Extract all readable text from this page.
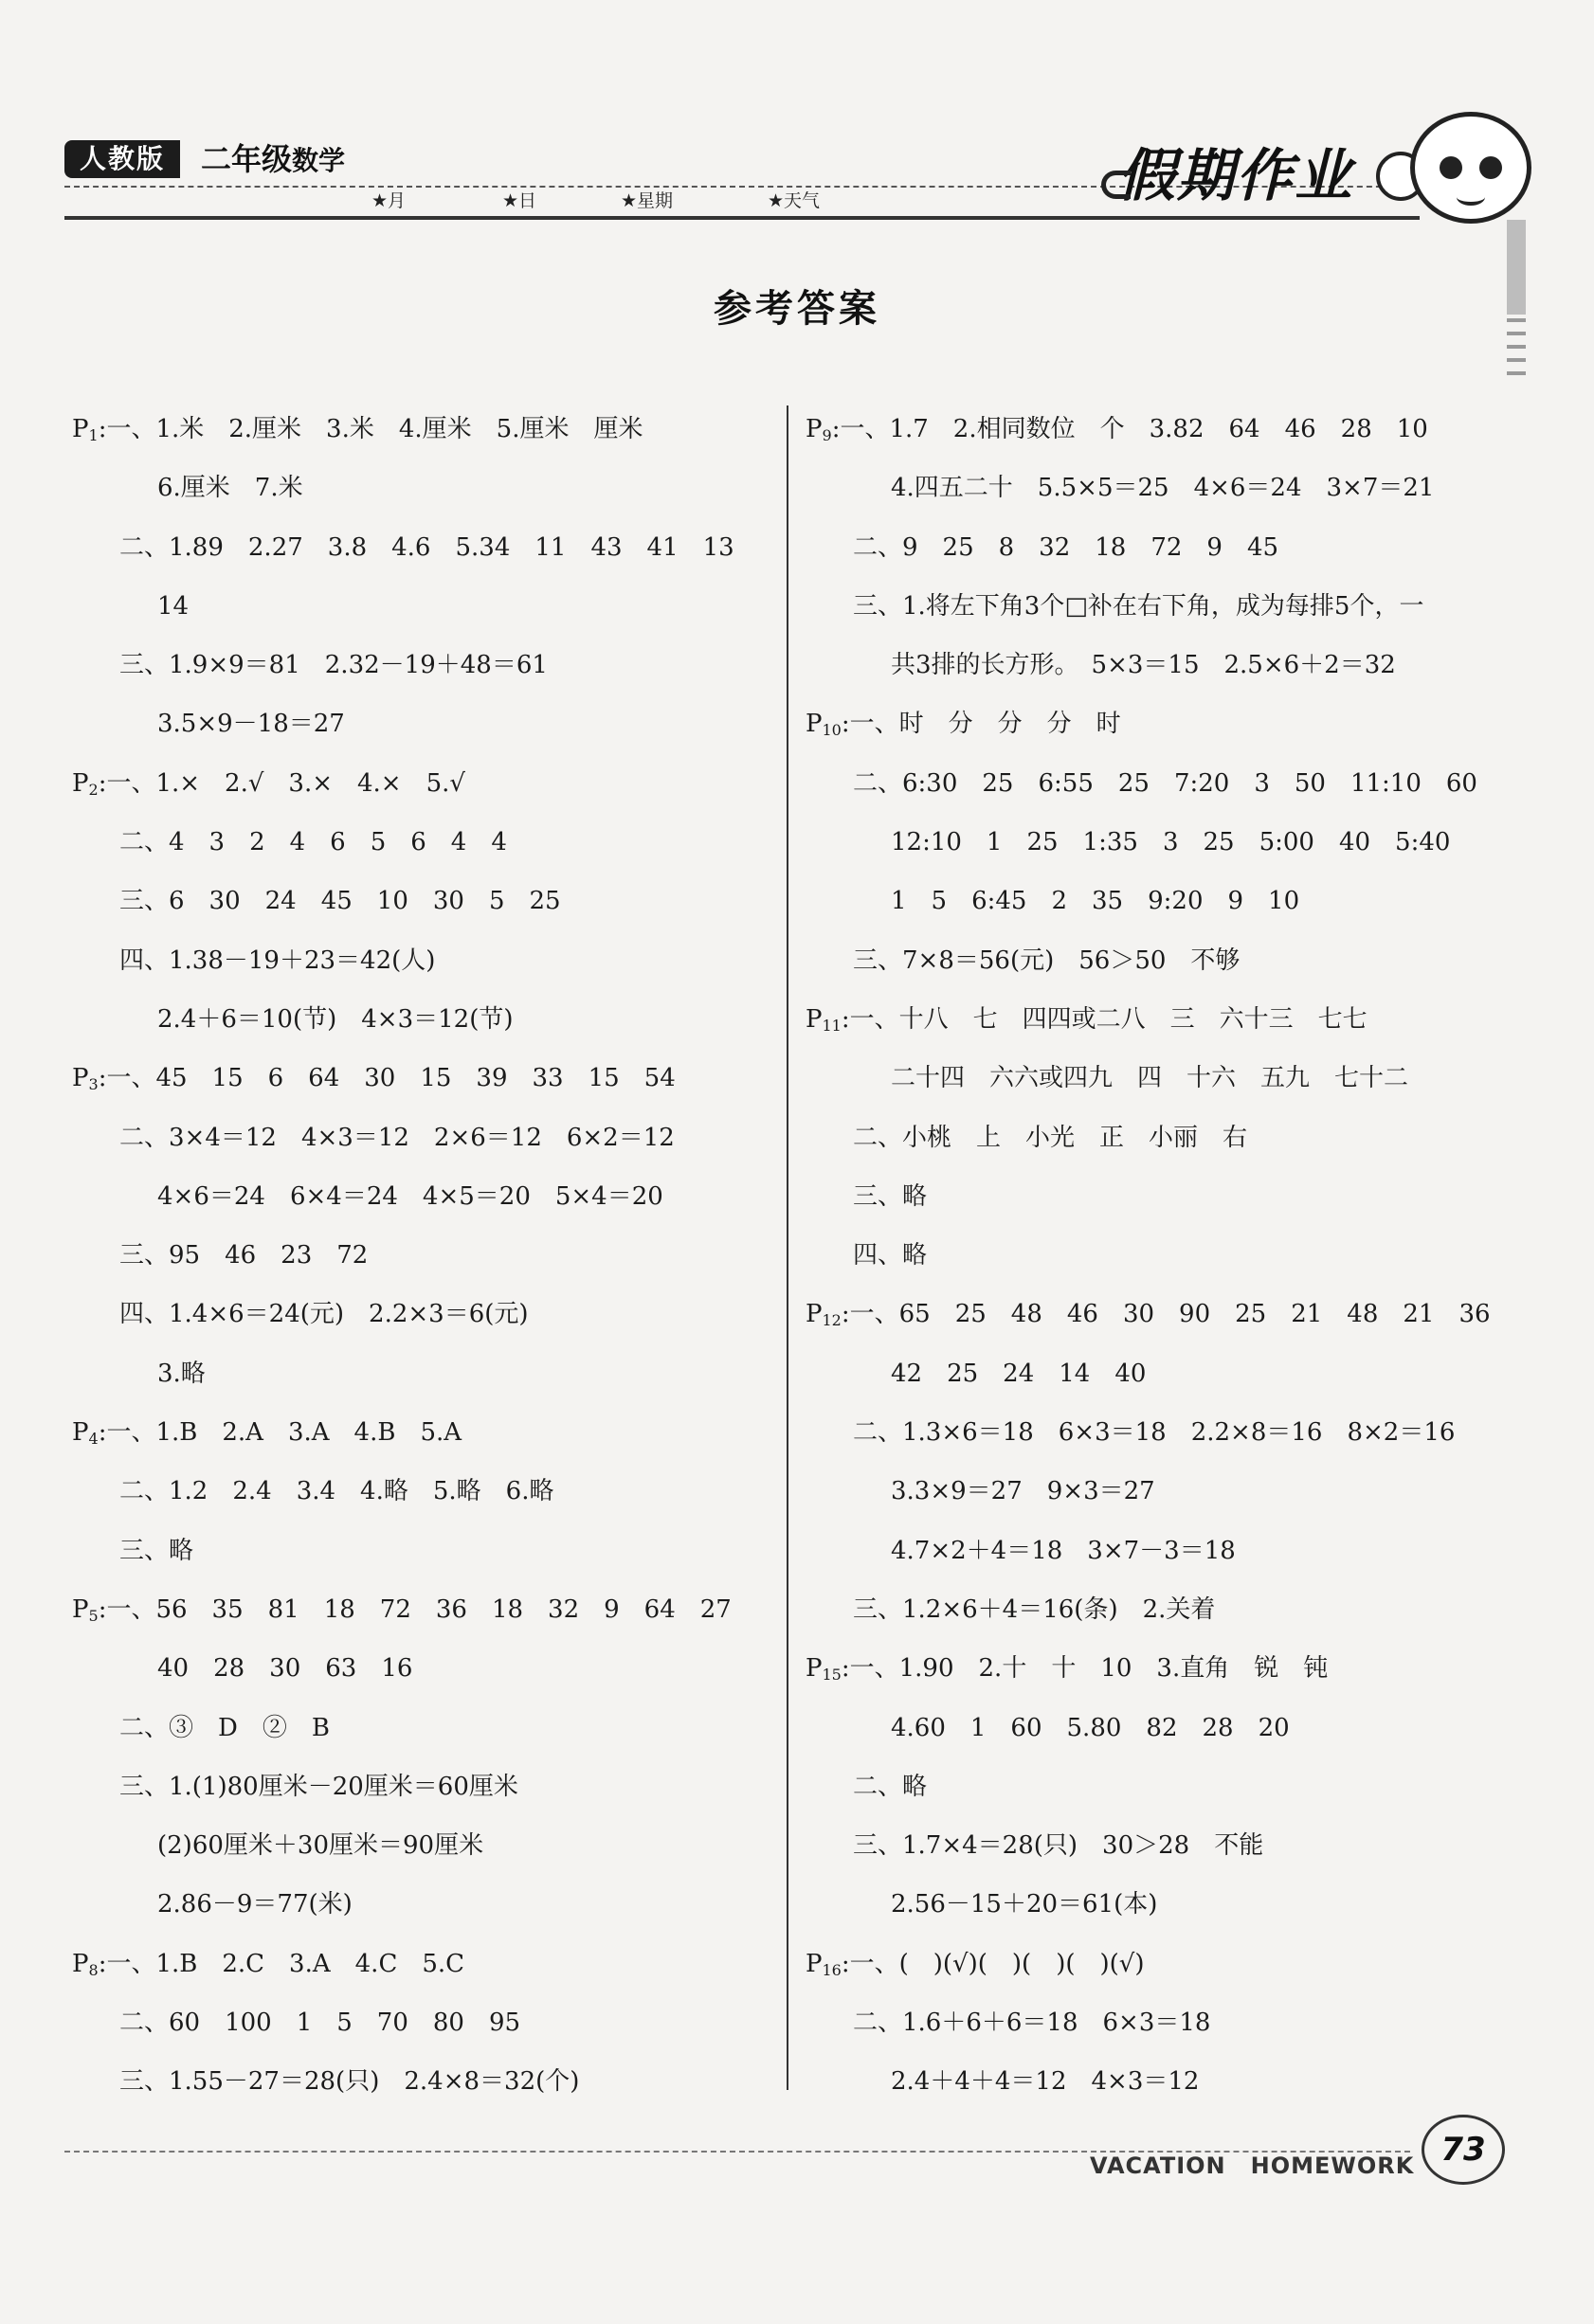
人教版	二年级数学
★月	★日	★星期	★天气	假期作业
参考答案
$P_1$:一、1.米　2.厘米　3.米　4.厘米　5.厘米　厘米
6.厘米　7.米
二、1.89　2.27　3.8　4.6　5.34　11　43　41　13
14
三、1.9×9＝81　2.32－19＋48＝61
3.5×9－18＝27
$P_2$:一、1.×　2.√　3.×　4.×　5.√
二、4　3　2　4　6　5　6　4　4
三、6　30　24　45　10　30　5　25
四、1.38－19＋23＝42(人)
2.4＋6＝10(节)　4×3＝12(节)
$P_3$:一、45　15　6　64　30　15　39　33　15　54
二、3×4＝12　4×3＝12　2×6＝12　6×2＝12
4×6＝24　6×4＝24　4×5＝20　5×4＝20
三、95　46　23　72
四、1.4×6＝24(元)　2.2×3＝6(元)
3.略
$P_4$:一、1.B　2.A　3.A　4.B　5.A
二、1.2　2.4　3.4　4.略　5.略　6.略
三、略
$P_5$:一、56　35　81　18　72　36　18　32　9　64　27
40　28　30　63　16
二、③　D　②　B
三、1.(1)80厘米－20厘米＝60厘米
(2)60厘米＋30厘米＝90厘米
2.86－9＝77(米)
$P_8$:一、1.B　2.C　3.A　4.C　5.C
二、60　100　1　5　70　80　95
三、1.55－27＝28(只)　2.4×8＝32(个)
$P_9$:一、1.7　2.相同数位　个　3.82　64　46　28　10
4.四五二十　5.5×5＝25　4×6＝24　3×7＝21
二、9　25　8　32　18　72　9　45
三、1.将左下角3个□补在右下角，成为每排5个，一
共3排的长方形。　5×3＝15　2.5×6＋2＝32
$P_{10}$:一、时　分　分　分　时
二、6:30　25　6:55　25　7:20　3　50　11:10　60
12:10　1　25　1:35　3　25　5:00　40　5:40
1　5　6:45　2　35　9:20　9　10
三、7×8＝56(元)　56＞50　不够
$P_{11}$:一、十八　七　四四或二八　三　六十三　七七
二十四　六六或四九　四　十六　五九　七十二
二、小桃　上　小光　正　小丽　右
三、略
四、略
$P_{12}$:一、65　25　48　46　30　90　25　21　48　21　36
42　25　24　14　40
二、1.3×6＝18　6×3＝18　2.2×8＝16　8×2＝16
3.3×9＝27　9×3＝27
4.7×2＋4＝18　3×7－3＝18
三、1.2×6＋4＝16(条)　2.关着
$P_{15}$:一、1.90　2.十　十　10　3.直角　锐　钝
4.60　1　60　5.80　82　28　20
二、略
三、1.7×4＝28(只)　30＞28　不能
2.56－15＋20＝61(本)
$P_{16}$:一、(　)(√)(　)(　)(　)(√)
二、1.6＋6＋6＝18　6×3＝18
2.4＋4＋4＝12　4×3＝12
VACATION HOMEWORK 73
